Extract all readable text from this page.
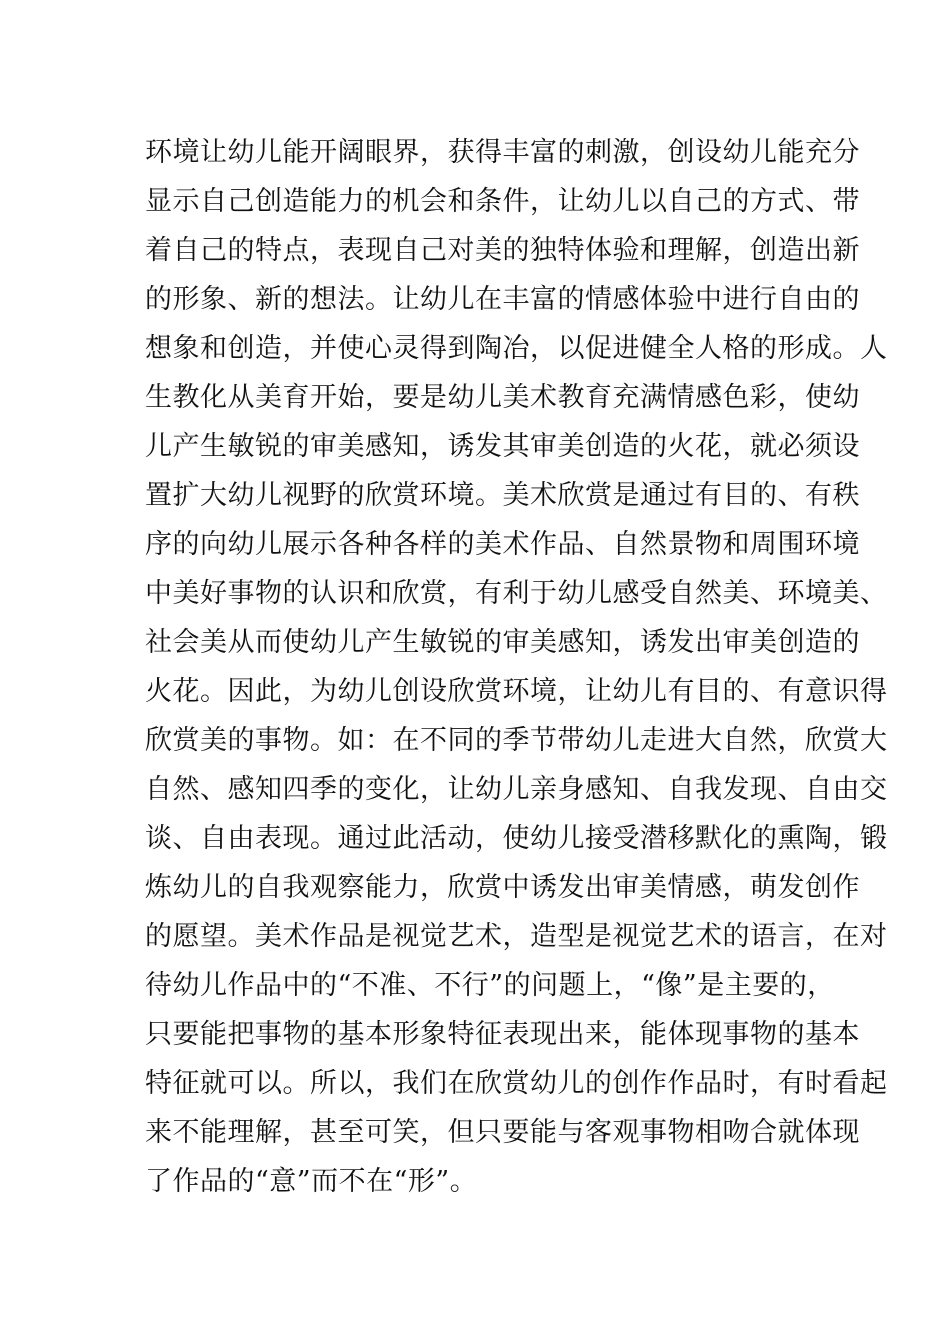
环境让幼儿能开阔眼界，获得丰富的刺激，创设幼儿能充分
显示自己创造能力的机会和条件，让幼儿以自己的方式、带
着自己的特点，表现自己对美的独特体验和理解，创造出新
的形象、新的想法。让幼儿在丰富的情感体验中进行自由的
想象和创造，并使心灵得到陶冶，以促进健全人格的形成。人
生教化从美育开始，要是幼儿美术教育充满情感色彩，使幼
儿产生敏锐的审美感知，诱发其审美创造的火花，就必须设
置扩大幼儿视野的欣赏环境。美术欣赏是通过有目的、有秩
序的向幼儿展示各种各样的美术作品、自然景物和周围环境
中美好事物的认识和欣赏，有利于幼儿感受自然美、环境美、
社会美从而使幼儿产生敏锐的审美感知，诱发出审美创造的
火花。因此，为幼儿创设欣赏环境，让幼儿有目的、有意识得
欣赏美的事物。如：在不同的季节带幼儿走进大自然，欣赏大
自然、感知四季的变化，让幼儿亲身感知、自我发现、自由交
谈、自由表现。通过此活动，使幼儿接受潜移默化的熏陶，锻
炼幼儿的自我观察能力，欣赏中诱发出审美情感，萌发创作
的愿望。美术作品是视觉艺术，造型是视觉艺术的语言，在对
待幼儿作品中的“不准、不行”的问题上，“像”是主要的，
只要能把事物的基本形象特征表现出来，能体现事物的基本
特征就可以。所以，我们在欣赏幼儿的创作作品时，有时看起
来不能理解，甚至可笑，但只要能与客观事物相吻合就体现
了作品的“意”而不在“形”。
